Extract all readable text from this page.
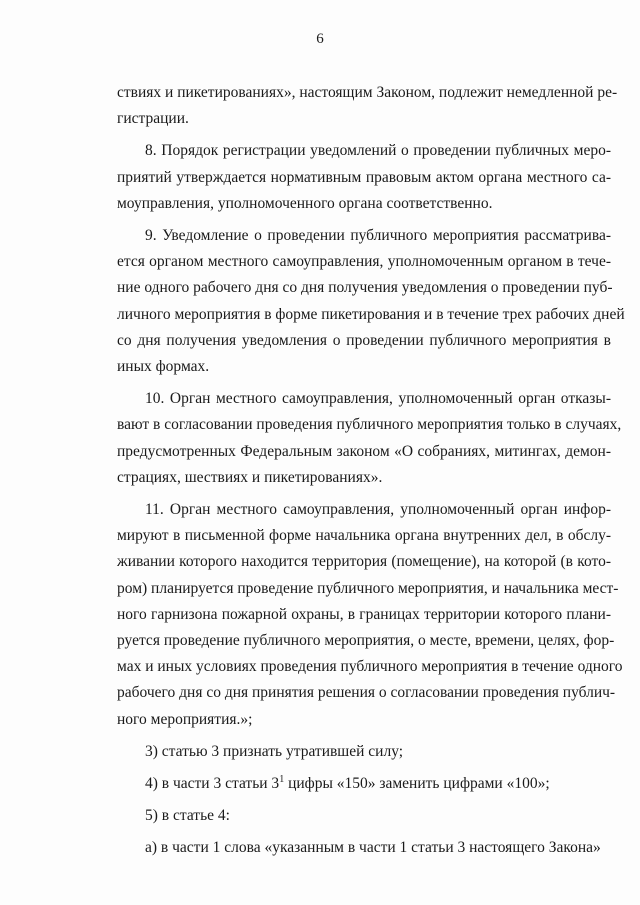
6

ствиях и пикетированиях», настоящим Законом, подлежит немедленной ре-
гистрации.

8. Порядок регистрации уведомлений о проведении публичных меро-
приятий утверждается нормативным правовым актом органа местного са-
моуправления, уполномоченного органа соответственно.

9. Уведомление о проведении публичного мероприятия рассматрива-
ется органом местного самоуправления, уполномоченным органом в тече-
ние одного рабочего дня со дня получения уведомления о проведении пуб-
личного мероприятия в форме пикетирования и в течение трех рабочих дней
со дня получения уведомления о проведении публичного мероприятия в
иных формах.

10. Орган местного самоуправления, уполномоченный орган отказы-
вают в согласовании проведения публичного мероприятия только в случаях,
предусмотренных Федеральным законом «О собраниях, митингах, демон-
страциях, шествиях и пикетированиях».

11. Орган местного самоуправления, уполномоченный орган инфор-
мируют в письменной форме начальника органа внутренних дел, в обслу-
живании которого находится территория (помещение), на которой (в кото-
ром) планируется проведение публичного мероприятия, и начальника мест-
ного гарнизона пожарной охраны, в границах территории которого плани-
руется проведение публичного мероприятия, о месте, времени, целях, фор-
мах и иных условиях проведения публичного мероприятия в течение одного
рабочего дня со дня принятия решения о согласовании проведения публич-
ного мероприятия.»;

3) статью 3 признать утратившей силу;
4) в части 3 статьи $3^1$ цифры «150» заменить цифрами «100»;
5) в статье 4:
а) в части 1 слова «указанным в части 1 статьи 3 настоящего Закона»
